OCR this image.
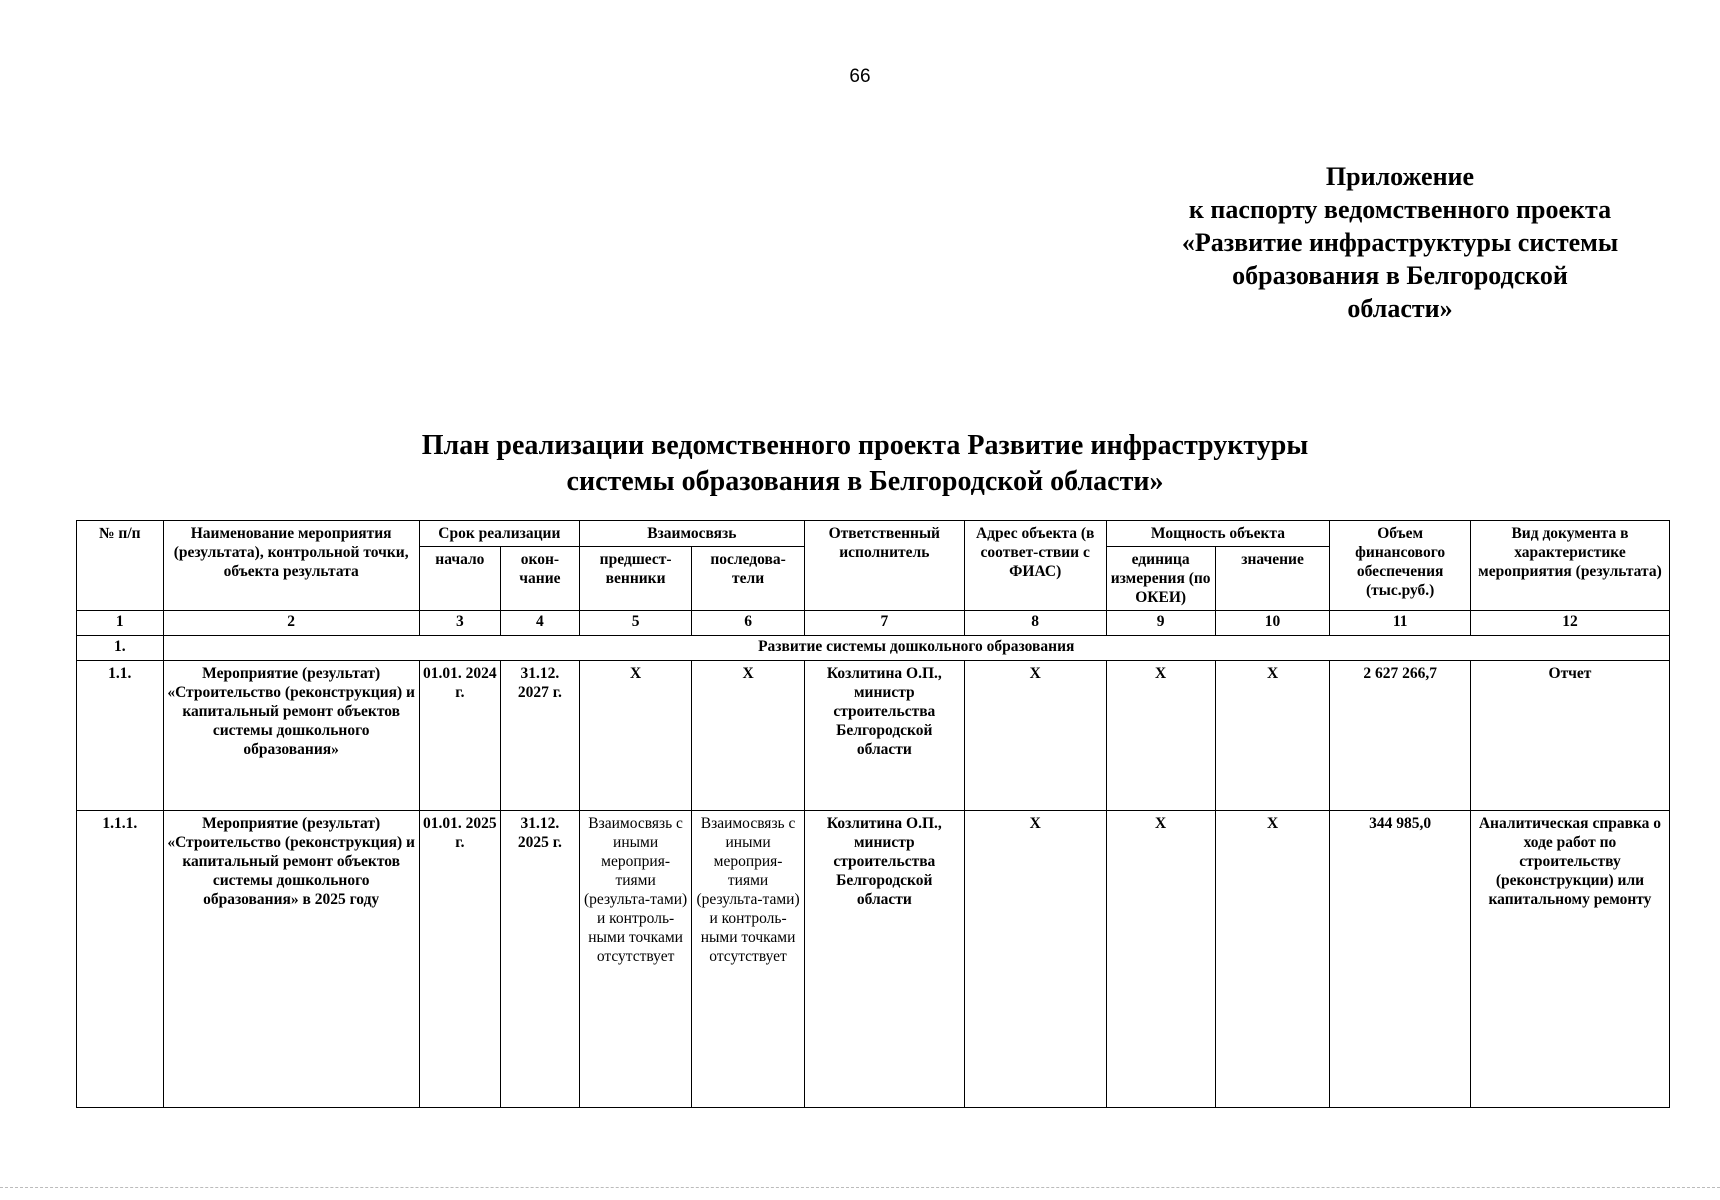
66
Приложение
к паспорту ведомственного проекта
«Развитие инфраструктуры системы
образования в Белгородской
области»
План реализации ведомственного проекта Развитие инфраструктуры
системы образования в Белгородской области»
№ п/п	Наименование мероприятия (результата), контрольной точки, объекта результата	Срок реализации		Взаимосвязь		Ответственный исполнитель	Адрес объекта (в соответ-ствии с ФИАС)	Мощность объекта		Объем финансового обеспечения (тыс.руб.)	Вид документа в характеристике мероприятия (результата)
		начало	окон-чание	предшест-венники	последова-тели			единица измерения (по ОКЕИ)	значение		
1	2	3	4	5	6	7	8	9	10	11	12
1.	Развитие системы дошкольного образования										
1.1.	Мероприятие (результат) «Строительство (реконструкция) и капитальный ремонт объектов системы дошкольного образования»	01.01. 2024 г.	31.12. 2027 г.	Х	Х	Козлитина О.П., министр строительства Белгородской области	Х	Х	Х	2 627 266,7	Отчет
1.1.1.	Мероприятие (результат) «Строительство (реконструкция) и капитальный ремонт объектов системы дошкольного образования» в 2025 году	01.01. 2025 г.	31.12. 2025 г.	Взаимосвязь с иными мероприя-тиями (результа-тами) и контроль-ными точками отсутствует	Взаимосвязь с иными мероприя-тиями (результа-тами) и контроль-ными точками отсутствует	Козлитина О.П., министр строительства Белгородской области	Х	Х	Х	344 985,0	Аналитическая справка о ходе работ по строительству (реконструкции) или капитальному ремонту
